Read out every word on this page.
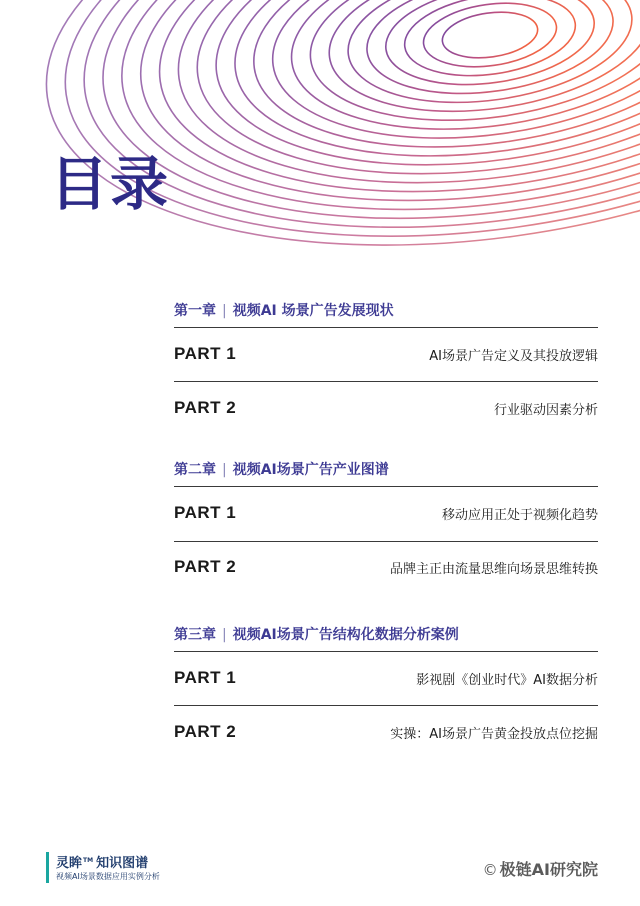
目录
第一章 | 视频AI 场景广告发展现状
PART 1	AI场景广告定义及其投放逻辑
PART 2	行业驱动因素分析
第二章 | 视频AI场景广告产业图谱
PART 1	移动应用正处于视频化趋势
PART 2	品牌主正由流量思维向场景思维转换
第三章 | 视频AI场景广告结构化数据分析案例
PART 1	影视剧《创业时代》AI数据分析
PART 2	实操：AI场景广告黄金投放点位挖掘
灵眸™ 知识图谱
视频AI场景数据应用实例分析	© 极链AI研究院
